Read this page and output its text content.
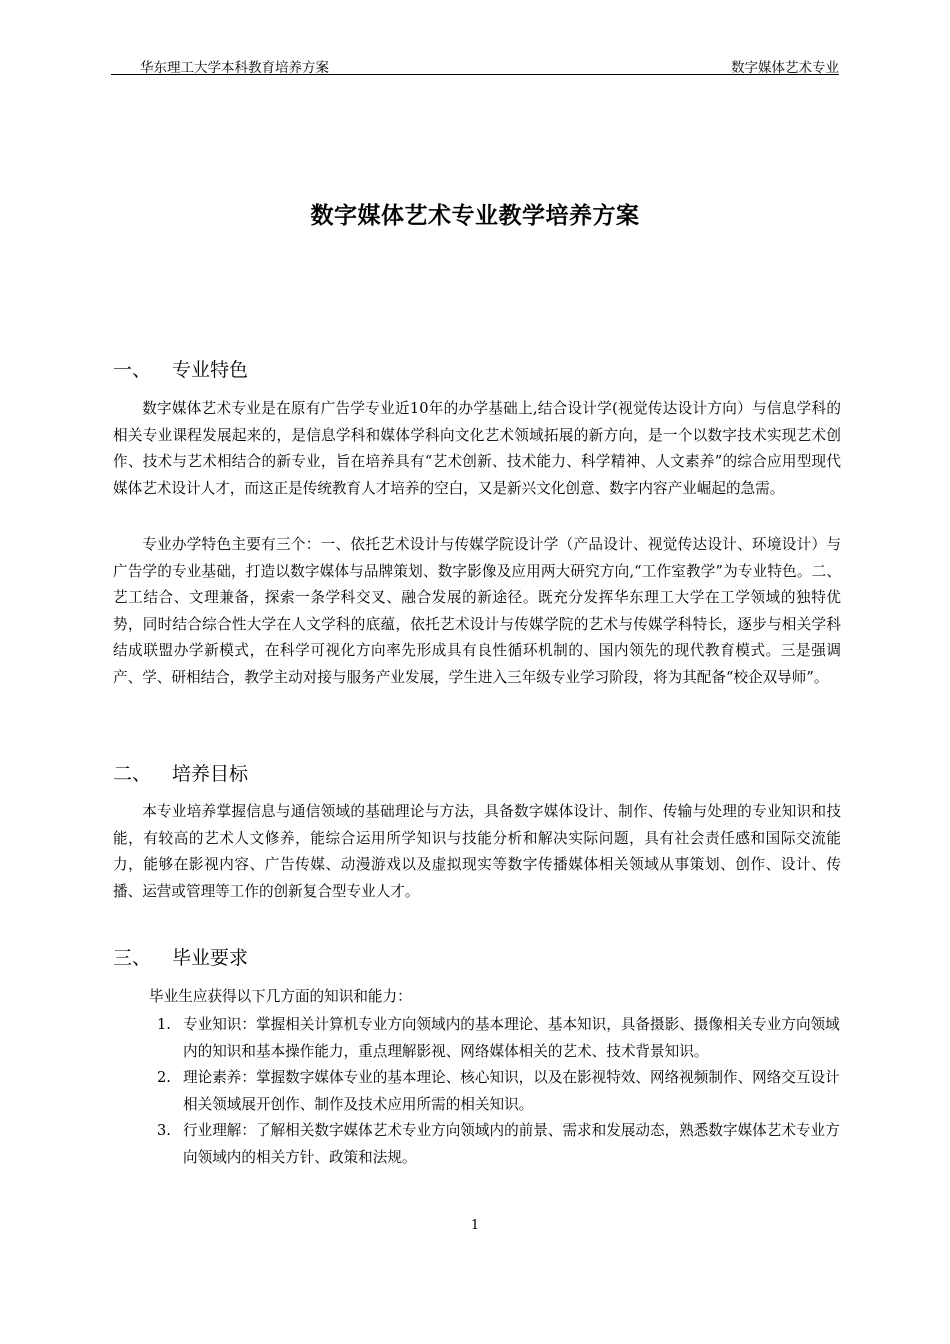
华东理工大学本科教育培养方案	数字媒体艺术专业
数字媒体艺术专业教学培养方案
一、 专业特色

数字媒体艺术专业是在原有广告学专业近10年的办学基础上,结合设计学(视觉传达设计方向）与信息学科的相关专业课程发展起来的，是信息学科和媒体学科向文化艺术领域拓展的新方向，是一个以数字技术实现艺术创作、技术与艺术相结合的新专业，旨在培养具有“艺术创新、技术能力、科学精神、人文素养”的综合应用型现代媒体艺术设计人才，而这正是传统教育人才培养的空白，又是新兴文化创意、数字内容产业崛起的急需。

专业办学特色主要有三个：一、依托艺术设计与传媒学院设计学（产品设计、视觉传达设计、环境设计）与广告学的专业基础，打造以数字媒体与品牌策划、数字影像及应用两大研究方向,“工作室教学”为专业特色。二、艺工结合、文理兼备，探索一条学科交叉、融合发展的新途径。既充分发挥华东理工大学在工学领域的独特优势，同时结合综合性大学在人文学科的底蕴，依托艺术设计与传媒学院的艺术与传媒学科特长，逐步与相关学科结成联盟办学新模式，在科学可视化方向率先形成具有良性循环机制的、国内领先的现代教育模式。三是强调产、学、研相结合，教学主动对接与服务产业发展，学生进入三年级专业学习阶段，将为其配备“校企双导师”。

二、 培养目标

本专业培养掌握信息与通信领域的基础理论与方法，具备数字媒体设计、制作、传输与处理的专业知识和技能，有较高的艺术人文修养，能综合运用所学知识与技能分析和解决实际问题，具有社会责任感和国际交流能力，能够在影视内容、广告传媒、动漫游戏以及虚拟现实等数字传播媒体相关领域从事策划、创作、设计、传播、运营或管理等工作的创新复合型专业人才。

三、 毕业要求
毕业生应获得以下几方面的知识和能力：
1. 专业知识：掌握相关计算机专业方向领域内的基本理论、基本知识，具备摄影、摄像相关专业方向领域内的知识和基本操作能力，重点理解影视、网络媒体相关的艺术、技术背景知识。
2. 理论素养：掌握数字媒体专业的基本理论、核心知识，以及在影视特效、网络视频制作、网络交互设计相关领域展开创作、制作及技术应用所需的相关知识。
3. 行业理解：了解相关数字媒体艺术专业方向领域内的前景、需求和发展动态，熟悉数字媒体艺术专业方向领域内的相关方针、政策和法规。
1
